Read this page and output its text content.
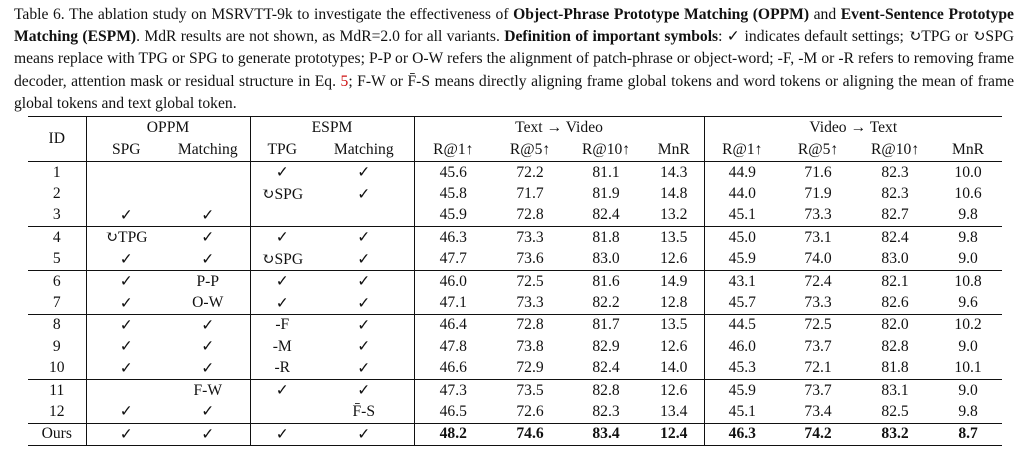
Table 6. The ablation study on MSRVTT-9k to investigate the effectiveness of Object-Phrase Prototype Matching (OPPM) and Event-Sentence Prototype Matching (ESPM). MdR results are not shown, as MdR=2.0 for all variants. Definition of important symbols: ✓ indicates default settings; ↻TPG or ↻SPG means replace with TPG or SPG to generate prototypes; P-P or O-W refers the alignment of patch-phrase or object-word; -F, -M or -R refers to removing frame decoder, attention mask or residual structure in Eq. 5; F-W or F̄-S means directly aligning frame global tokens and word tokens or aligning the mean of frame global tokens and text global token.
ID	OPPM		ESPM		Text → Video				Video → Text			
	SPG	Matching	TPG	Matching	R@1↑	R@5↑	R@10↑	MnR	R@1↑	R@5↑	R@10↑	MnR
1			✓	✓	45.6	72.2	81.1	14.3	44.9	71.6	82.3	10.0
2			↻SPG	✓	45.8	71.7	81.9	14.8	44.0	71.9	82.3	10.6
3	✓	✓			45.9	72.8	82.4	13.2	45.1	73.3	82.7	9.8
4	↻TPG	✓	✓	✓	46.3	73.3	81.8	13.5	45.0	73.1	82.4	9.8
5	✓	✓	↻SPG	✓	47.7	73.6	83.0	12.6	45.9	74.0	83.0	9.0
6	✓	P-P	✓	✓	46.0	72.5	81.6	14.9	43.1	72.4	82.1	10.8
7	✓	O-W	✓	✓	47.1	73.3	82.2	12.8	45.7	73.3	82.6	9.6
8	✓	✓	-F	✓	46.4	72.8	81.7	13.5	44.5	72.5	82.0	10.2
9	✓	✓	-M	✓	47.8	73.8	82.9	12.6	46.0	73.7	82.8	9.0
10	✓	✓	-R	✓	46.6	72.9	82.4	14.0	45.3	72.1	81.8	10.1
11		F-W	✓	✓	47.3	73.5	82.8	12.6	45.9	73.7	83.1	9.0
12	✓	✓		F̄-S	46.5	72.6	82.3	13.4	45.1	73.4	82.5	9.8
Ours	✓	✓	✓	✓	48.2	74.6	83.4	12.4	46.3	74.2	83.2	8.7
